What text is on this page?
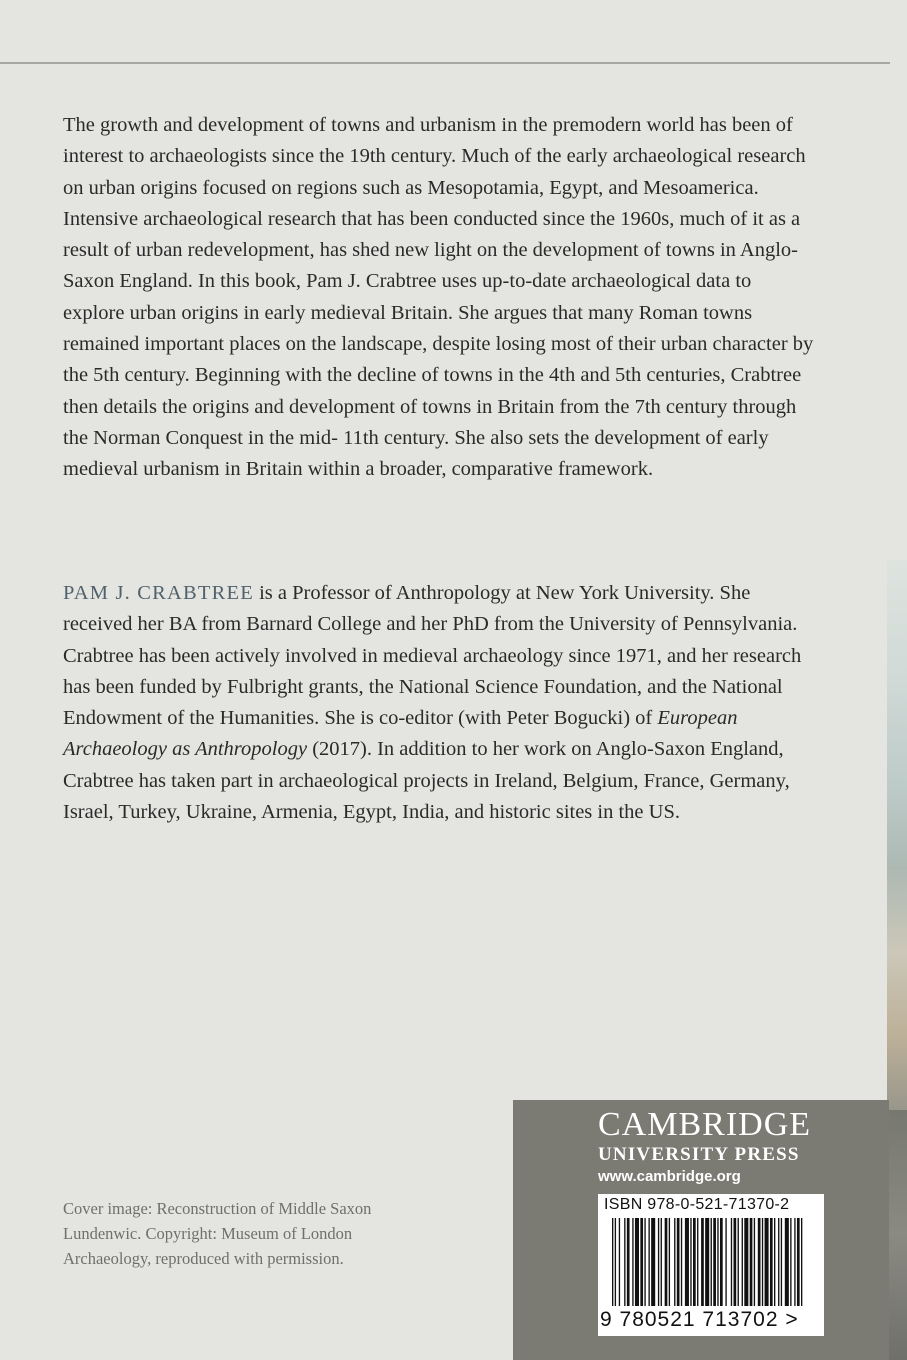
The growth and development of towns and urbanism in the premodern world has been of interest to archaeologists since the 19th century. Much of the early archaeological research on urban origins focused on regions such as Mesopotamia, Egypt, and Mesoamerica. Intensive archaeological research that has been conducted since the 1960s, much of it as a result of urban redevelopment, has shed new light on the development of towns in Anglo- Saxon England. In this book, Pam J. Crabtree uses up-to-date archaeological data to explore urban origins in early medieval Britain. She argues that many Roman towns remained important places on the landscape, despite losing most of their urban character by the 5th century. Beginning with the decline of towns in the 4th and 5th centuries, Crabtree then details the origins and development of towns in Britain from the 7th century through the Norman Conquest in the mid- 11th century. She also sets the development of early medieval urbanism in Britain within a broader, comparative framework.

PAM J. CRABTREE is a Professor of Anthropology at New York University. She received her BA from Barnard College and her PhD from the University of Pennsylvania. Crabtree has been actively involved in medieval archaeology since 1971, and her research has been funded by Fulbright grants, the National Science Foundation, and the National Endowment of the Humanities. She is co-editor (with Peter Bogucki) of European Archaeology as Anthropology (2017). In addition to her work on Anglo-Saxon England, Crabtree has taken part in archaeological projects in Ireland, Belgium, France, Germany, Israel, Turkey, Ukraine, Armenia, Egypt, India, and historic sites in the US.

Cover image: Reconstruction of Middle Saxon Lundenwic. Copyright: Museum of London Archaeology, reproduced with permission.

CAMBRIDGE
UNIVERSITY PRESS
www.cambridge.org
ISBN 978-0-521-71370-2
9 780521 713702 >
